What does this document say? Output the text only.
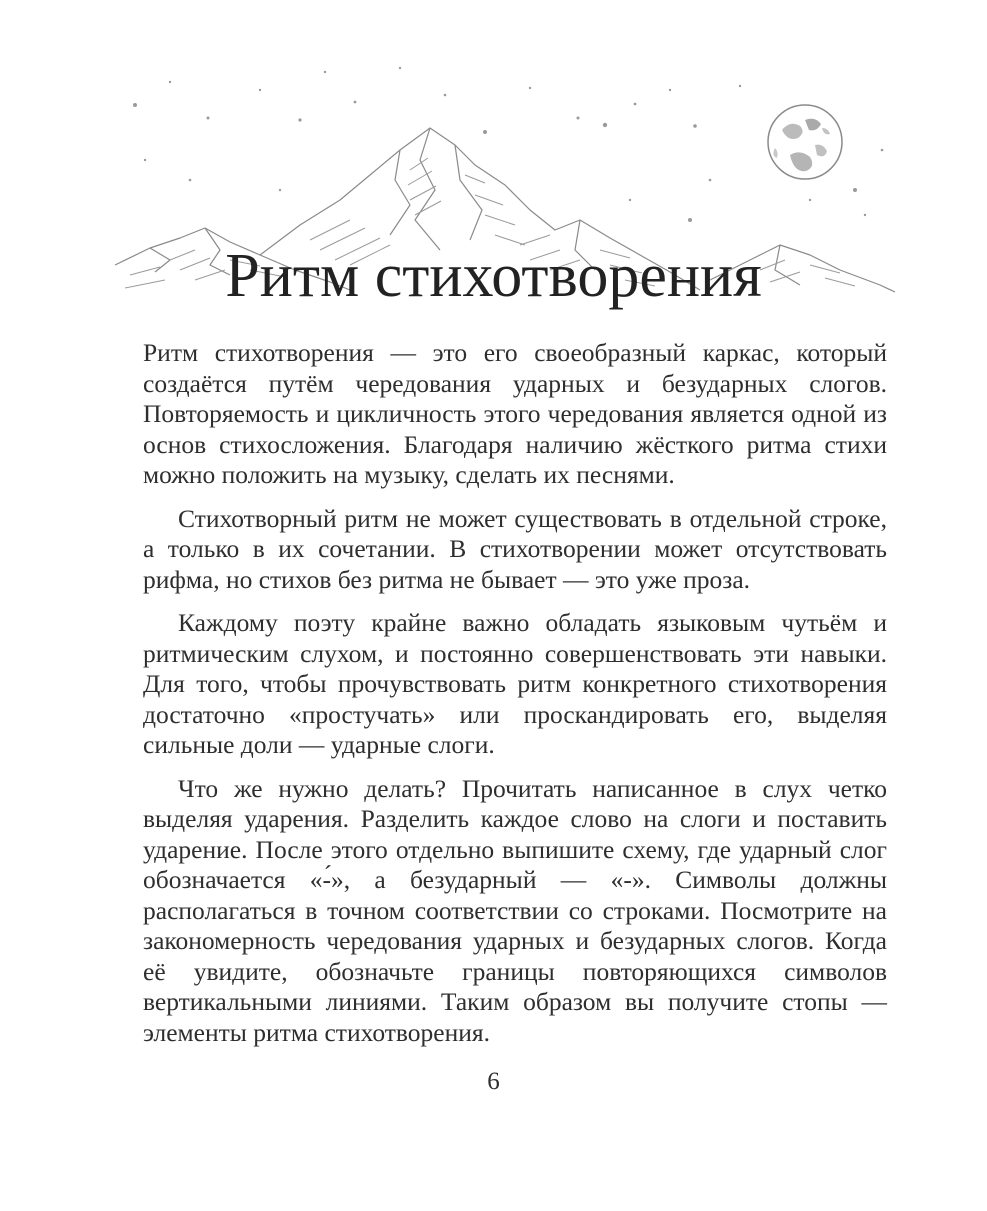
Ритм стихотворения

Ритм стихотворения — это его своеобразный каркас, который создаётся путём чередования ударных и безударных слогов. Повторяемость и цикличность этого чередования является одной из основ стихосложения. Благодаря наличию жёсткого ритма стихи можно положить на музыку, сделать их песнями.

Стихотворный ритм не может существовать в отдельной строке, а только в их сочетании. В стихотворении может отсутствовать рифма, но стихов без ритма не бывает — это уже проза.

Каждому поэту крайне важно обладать языковым чутьём и ритмическим слухом, и постоянно совершенствовать эти навыки. Для того, чтобы прочувствовать ритм конкретного стихотворения достаточно «простучать» или проскандировать его, выделяя сильные доли — ударные слоги.

Что же нужно делать? Прочитать написанное в слух четко выделяя ударения. Разделить каждое слово на слоги и поставить ударение. После этого отдельно выпишите схему, где ударный слог обозначается «-́», а безударный — «-». Символы должны располагаться в точном соответствии со строками. Посмотрите на закономерность чередования ударных и безударных слогов. Когда её увидите, обозначьте границы повторяющихся символов вертикальными линиями. Таким образом вы получите стопы — элементы ритма стихотворения.

6
